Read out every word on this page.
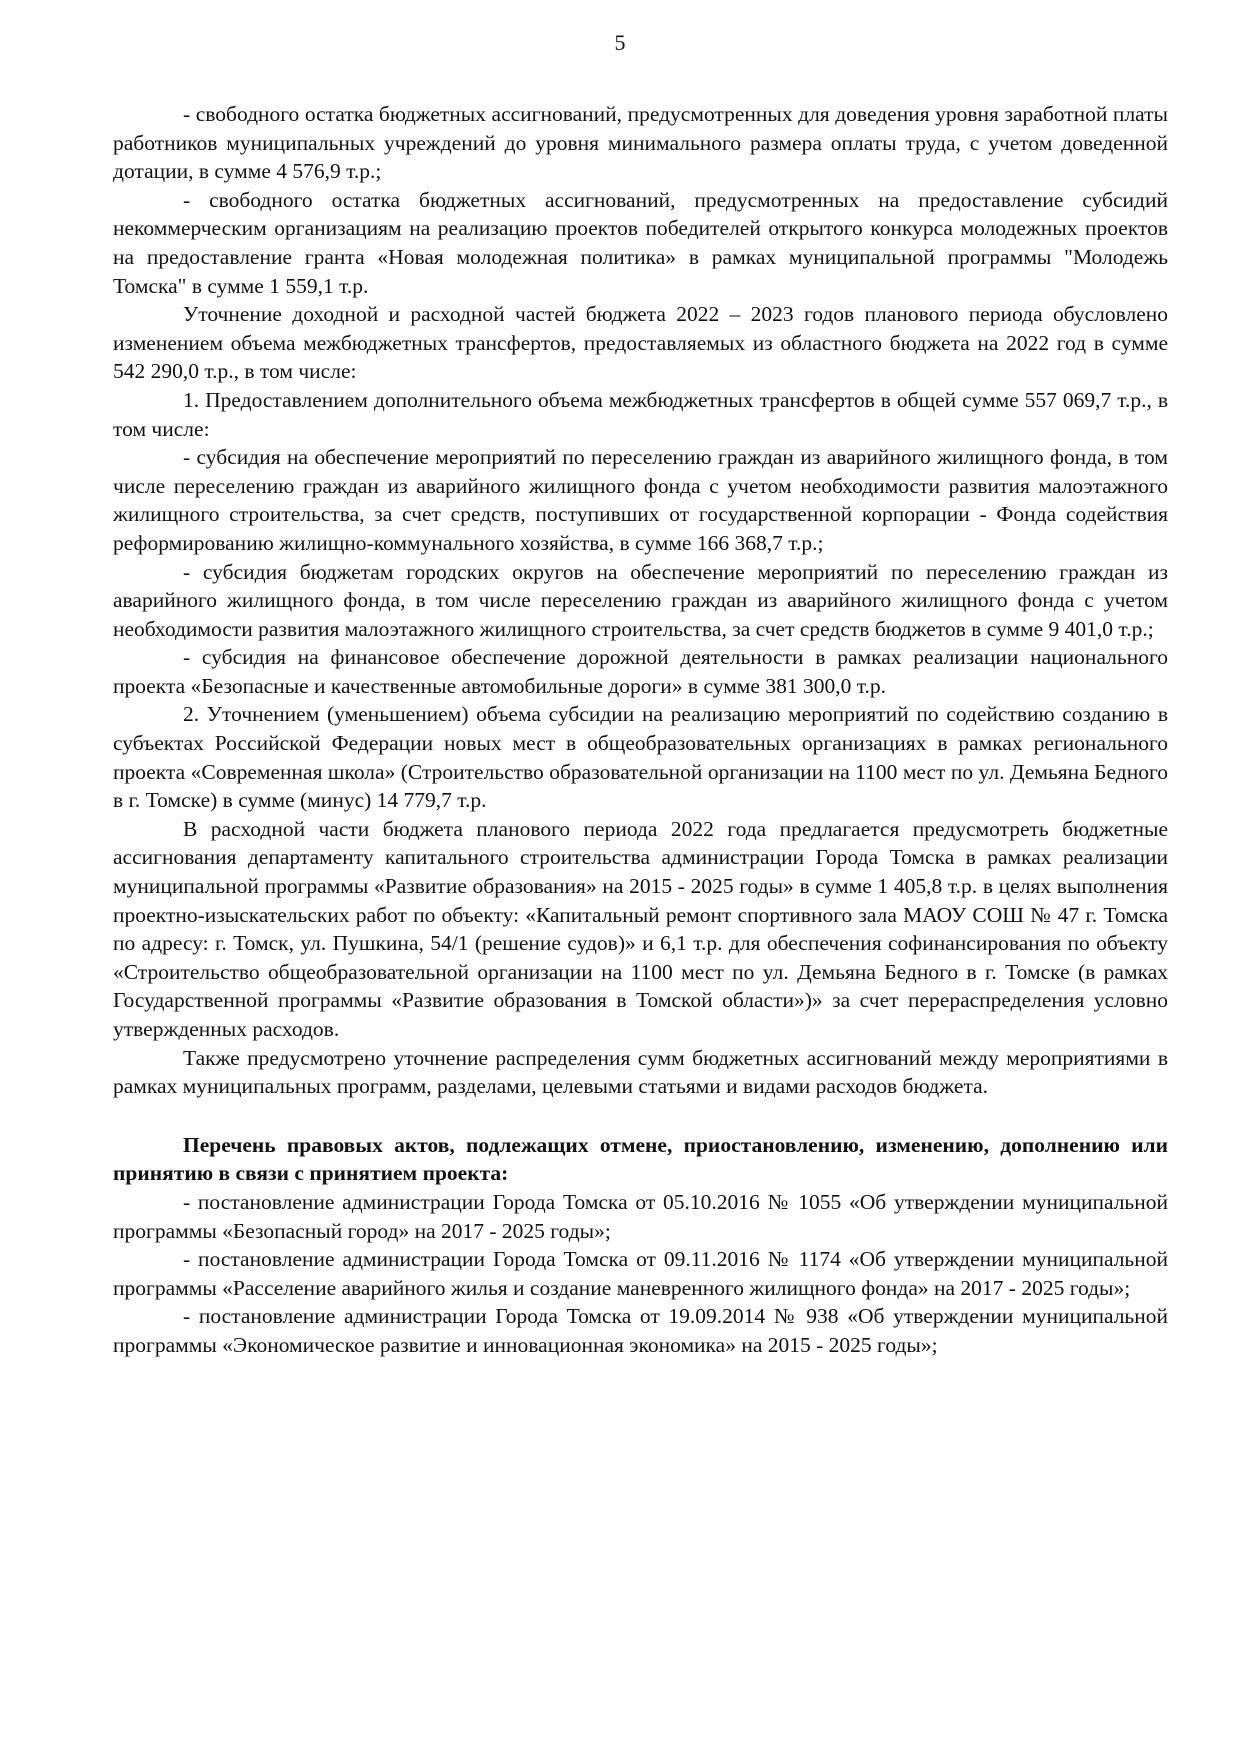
5

- свободного остатка бюджетных ассигнований, предусмотренных для доведения уровня заработной платы работников муниципальных учреждений до уровня минимального размера оплаты труда, с учетом доведенной дотации, в сумме 4 576,9 т.р.;

- свободного остатка бюджетных ассигнований, предусмотренных на предоставление субсидий некоммерческим организациям на реализацию проектов победителей открытого конкурса молодежных проектов на предоставление гранта «Новая молодежная политика» в рамках муниципальной программы "Молодежь Томска" в сумме 1 559,1 т.р.

Уточнение доходной и расходной частей бюджета 2022 – 2023 годов планового периода обусловлено изменением объема межбюджетных трансфертов, предоставляемых из областного бюджета на 2022 год в сумме 542 290,0 т.р., в том числе:

1. Предоставлением дополнительного объема межбюджетных трансфертов в общей сумме 557 069,7 т.р., в том числе:

- субсидия на обеспечение мероприятий по переселению граждан из аварийного жилищного фонда, в том числе переселению граждан из аварийного жилищного фонда с учетом необходимости развития малоэтажного жилищного строительства, за счет средств, поступивших от государственной корпорации - Фонда содействия реформированию жилищно-коммунального хозяйства, в сумме 166 368,7 т.р.;

- субсидия бюджетам городских округов на обеспечение мероприятий по переселению граждан из аварийного жилищного фонда, в том числе переселению граждан из аварийного жилищного фонда с учетом необходимости развития малоэтажного жилищного строительства, за счет средств бюджетов в сумме 9 401,0 т.р.;

- субсидия на финансовое обеспечение дорожной деятельности в рамках реализации национального проекта «Безопасные и качественные автомобильные дороги» в сумме 381 300,0 т.р.

2. Уточнением (уменьшением) объема субсидии на реализацию мероприятий по содействию созданию в субъектах Российской Федерации новых мест в общеобразовательных организациях в рамках регионального проекта «Современная школа» (Строительство образовательной организации на 1100 мест по ул. Демьяна Бедного в г. Томске) в сумме (минус) 14 779,7 т.р.

В расходной части бюджета планового периода 2022 года предлагается предусмотреть бюджетные ассигнования департаменту капитального строительства администрации Города Томска в рамках реализации муниципальной программы «Развитие образования» на 2015 - 2025 годы» в сумме 1 405,8 т.р. в целях выполнения проектно-изыскательских работ по объекту: «Капитальный ремонт спортивного зала МАОУ СОШ № 47 г. Томска по адресу: г. Томск, ул. Пушкина, 54/1 (решение судов)» и 6,1 т.р. для обеспечения софинансирования по объекту «Строительство общеобразовательной организации на 1100 мест по ул. Демьяна Бедного в г. Томске (в рамках Государственной программы «Развитие образования в Томской области»)» за счет перераспределения условно утвержденных расходов.

Также предусмотрено уточнение распределения сумм бюджетных ассигнований между мероприятиями в рамках муниципальных программ, разделами, целевыми статьями и видами расходов бюджета.

Перечень правовых актов, подлежащих отмене, приостановлению, изменению, дополнению или принятию в связи с принятием проекта:

- постановление администрации Города Томска от 05.10.2016 № 1055 «Об утверждении муниципальной программы «Безопасный город» на 2017 - 2025 годы»;

- постановление администрации Города Томска от 09.11.2016 № 1174 «Об утверждении муниципальной программы «Расселение аварийного жилья и создание маневренного жилищного фонда» на 2017 - 2025 годы»;

- постановление администрации Города Томска от 19.09.2014 № 938 «Об утверждении муниципальной программы «Экономическое развитие и инновационная экономика» на 2015 - 2025 годы»;
